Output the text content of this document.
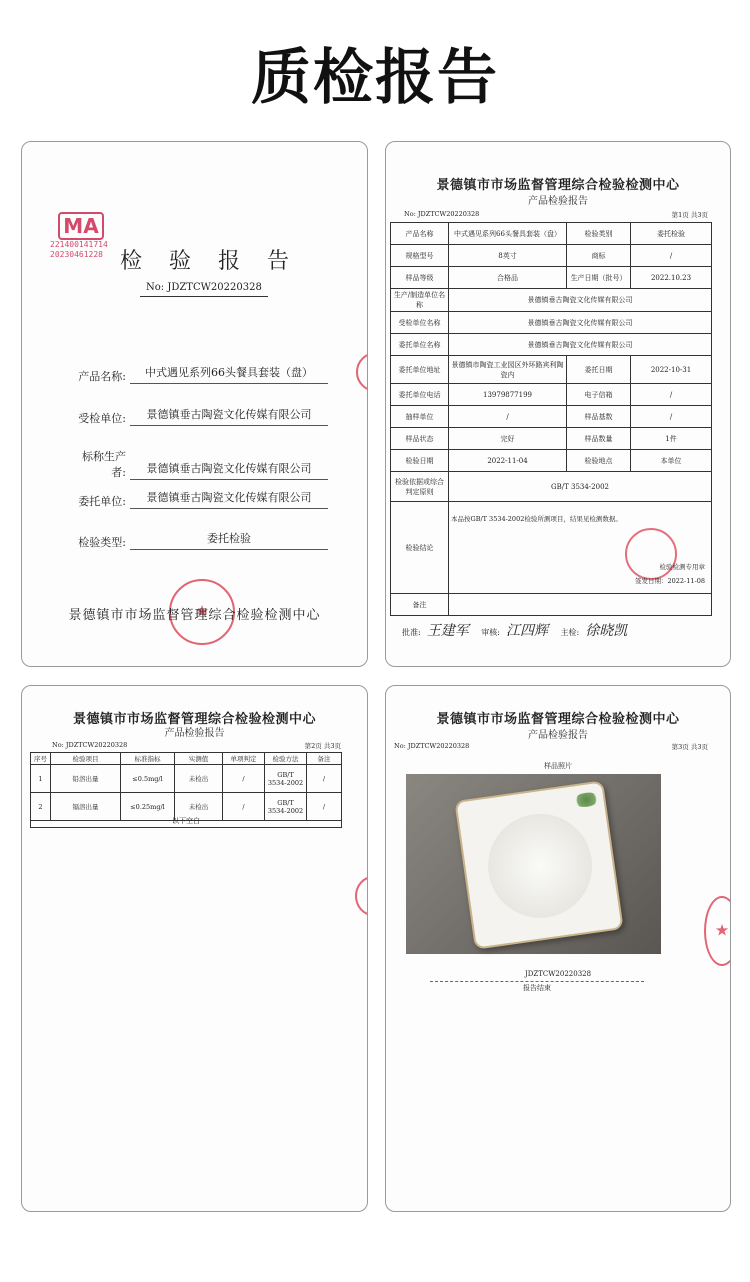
质检报告
MA
221400141714
20230461228 检 验 报 告
No: JDZTCW20220328
产品名称:	中式遇见系列66头餐具套装（盘）
受检单位:	景德镇垂古陶瓷文化传媒有限公司
标称生产者:	景德镇垂古陶瓷文化传媒有限公司
委托单位:	景德镇垂古陶瓷文化传媒有限公司
检验类型:	委托检验
★
景德镇市市场监督管理综合检验检测中心
★
景德镇市市场监督管理综合检验检测中心
产品检验报告
No: JDZTCW20220328	第1页 共3页
产品名称	中式遇见系列66头餐具套装（盘）	检验类别	委托检验
规格型号	8英寸	商标	/
样品等级	合格品	生产日期（批号）	2022.10.23
生产/制造单位名称	景德镇垂古陶瓷文化传媒有限公司		
受检单位名称	景德镇垂古陶瓷文化传媒有限公司		
委托单位名称	景德镇垂古陶瓷文化传媒有限公司		
委托单位地址	景德镇市陶瓷工业园区外环路宾利陶瓷内	委托日期	2022-10-31
委托单位电话	13979877199	电子信箱	/
抽样单位	/	样品基数	/
样品状态	完好	样品数量	1件
检验日期	2022-11-04	检验地点	本单位
检验依据或综合判定原则	GB/T 3534-2002		
检验结论	本品按GB/T 3534-2002检验所测项目，结果见检测数据。
检验检测专用章
签发日期：2022-11-08		

备注			
批准: 王建军 审核: 江四辉 主检: 徐晓凯
景德镇市市场监督管理综合检验检测中心
产品检验报告
No: JDZTCW20220328	第2页 共3页
序号	检验项目	标准指标	实测值	单项判定	检验方法	备注
1	铅溶出量	≤0.5mg/l	未检出	/	GB/T 3534-2002	/
2	镉溶出量	≤0.25mg/l	未检出	/	GB/T 3534-2002	/
以下空白
★
景德镇市市场监督管理综合检验检测中心
产品检验报告
No: JDZTCW20220328	第3页 共3页
样品照片
JDZTCW20220328
报告结束
★
